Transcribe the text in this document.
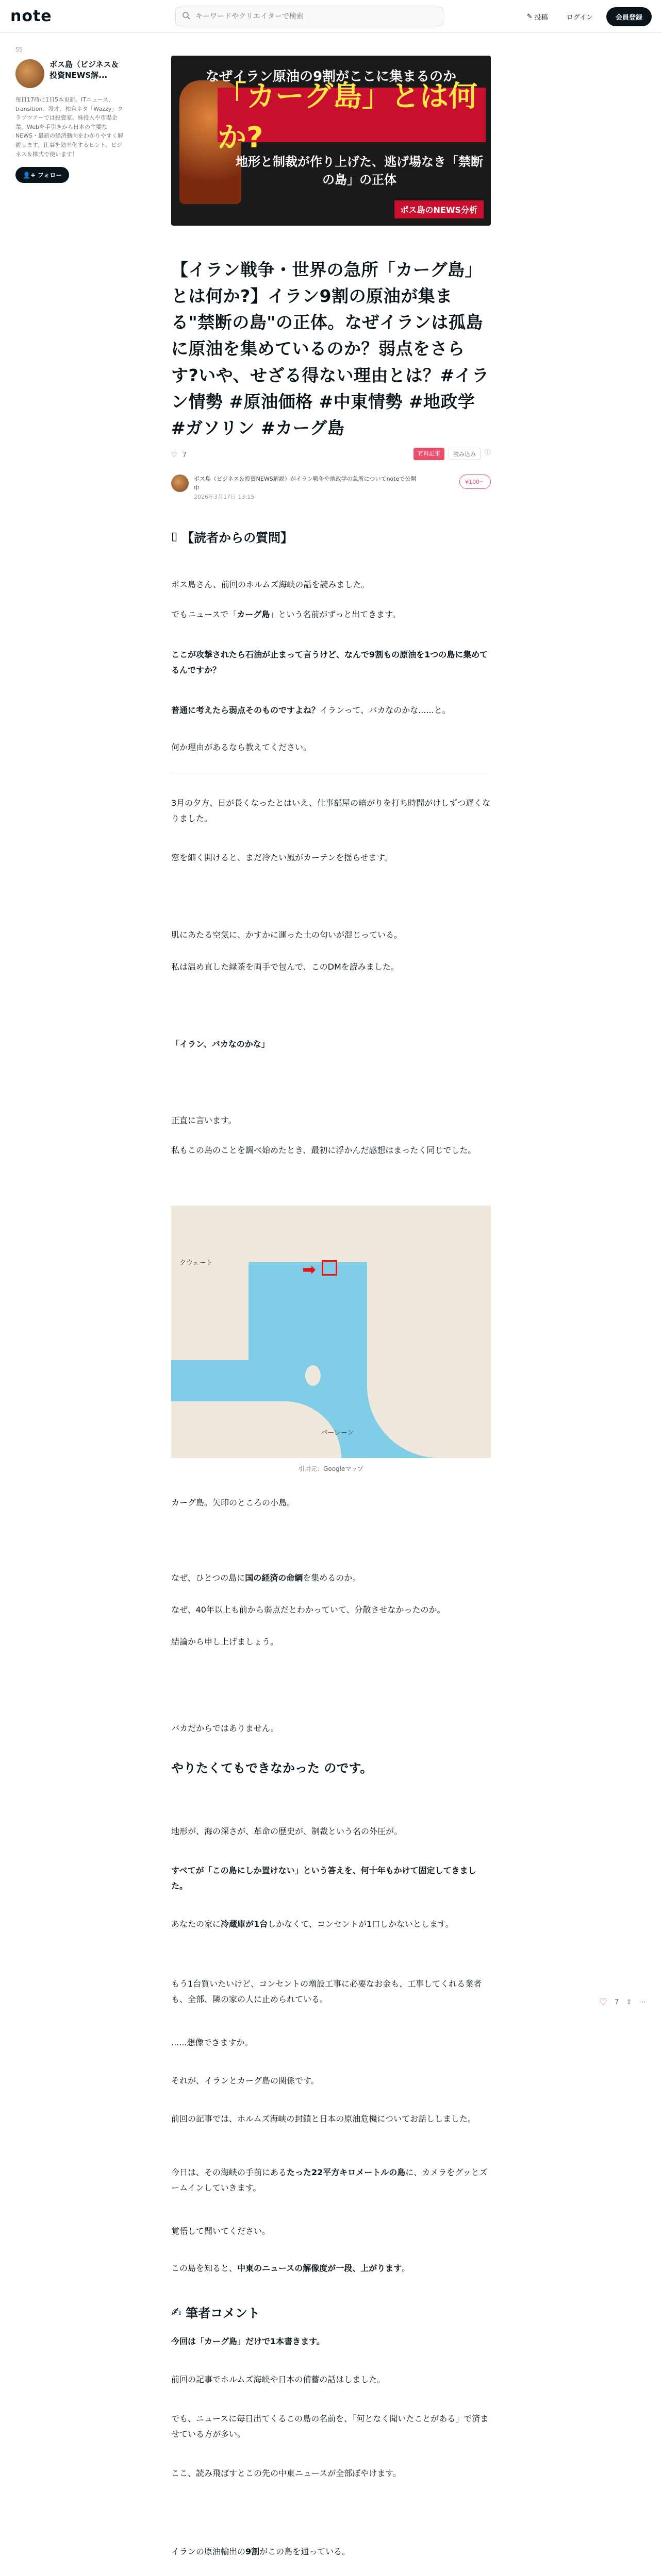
note
キーワードやクリエイターで検索	✎ 投稿	ログイン	会員登録
55
ポス島（ビジネス＆投資NEWS解...
毎日17時に1日5本更新。ITニュース、transition、漫才、独自ネタ「Wazzy」クラブツアーでは投資家、株投入や市場企業。Webを手引きから日本の主要なNEWS・最新の経済動向をわかりやすく解説します。仕事を効率化するヒント、ビジネス＆株式で使います！
👤+ フォロー
なぜイラン原油の9割がここに集まるのか
「カーグ島」とは何か?
地形と制裁が作り上げた、逃げ場なき「禁断の島」の正体
ポス島のNEWS分析
【イラン戦争・世界の急所「カーグ島」とは何か?】イラン9割の原油が集まる"禁断の島"の正体。なぜイランは孤島に原油を集めているのか？弱点をさらす?いや、せざる得ない理由とは？#イラン情勢 #原油価格 #中東情勢 #地政学 #ガソリン #カーグ島
♡ 7	有料記事	読み込み	ⓘ
ポス島（ビジネス＆投資NEWS解説）がイラン戦争や地政学の急所についてnoteで公開中
2026年3月17日 13:15
¥100〜
▯ 【読者からの質問】

ポス島さん、前回のホルムズ海峡の話を読みました。

でもニュースで「カーグ島」という名前がずっと出てきます。

ここが攻撃されたら石油が止まって言うけど、なんで9割もの原油を1つの島に集めてるんですか？

普通に考えたら弱点そのものですよね？イランって、バカなのかな......と。

何か理由があるなら教えてください。

3月の夕方、日が長くなったとはいえ、仕事部屋の暗がりを打ち時間がけしずつ遅くなりました。

窓を細く開けると、まだ冷たい風がカーテンを揺らせます。

肌にあたる空気に、かすかに運った土の匂いが混じっている。

私は温め直した緑茶を両手で包んで、このDMを読みました。

「イラン、バカなのかな」

正直に言います。

私もこの島のことを調べ始めたとき、最初に浮かんだ感想はまったく同じでした。

クウェート
バーレーン
➡
引用元：Googleマップ

カーグ島。矢印のところの小島。

なぜ、ひとつの島に国の経済の命綱を集めるのか。

なぜ、40年以上も前から弱点だとわかっていて、分散させなかったのか。

結論から申し上げましょう。

バカだからではありません。

やりたくてもできなかった のです。

地形が、海の深さが、革命の歴史が、制裁という名の外圧が。

すべてが「この島にしか置けない」という答えを、何十年もかけて固定してきました。

あなたの家に冷蔵庫が1台しかなくて、コンセントが1口しかないとします。

もう1台買いたいけど、コンセントの増設工事に必要なお金も、工事してくれる業者も、全部、隣の家の人に止められている。

......想像できますか。

それが、イランとカーグ島の関係です。

前回の記事では、ホルムズ海峡の封鎖と日本の原油危機についてお話ししました。

今日は、その海峡の手前にあるたった22平方キロメートルの島に、カメラをグッとズームインしていきます。

覚悟して聞いてください。

この島を知ると、中東のニュースの解像度が一段、上がります。

✍ 筆者コメント

今回は「カーグ島」だけで1本書きます。

前回の記事でホルムズ海峡や日本の備蓄の話はしました。

でも、ニュースに毎日出てくるこの島の名前を、「何となく聞いたことがある」で済ませている方が多い。

ここ、読み飛ばすとこの先の中東ニュースが全部ぼやけます。

イランの原油輸出の9割がこの島を通っている。

♡ 7 ⇪ ⋯
